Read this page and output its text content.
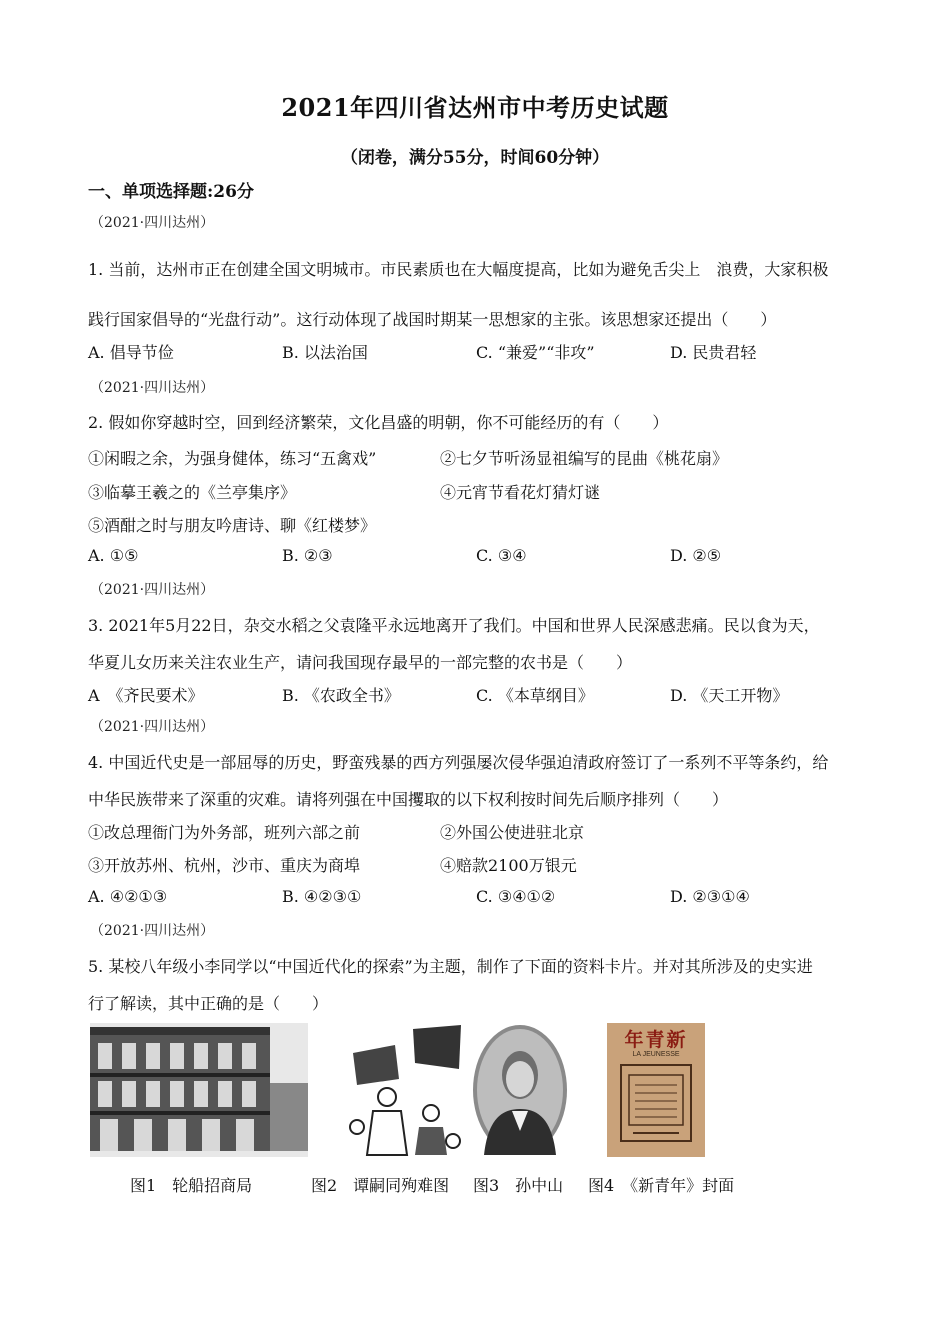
2021年四川省达州市中考历史试题
（闭卷，满分55分，时间60分钟）
一、单项选择题:26分
（2021·四川达州）
1. 当前，达州市正在创建全国文明城市。市民素质也在大幅度提高，比如为避免舌尖上　浪费，大家积极
践行国家倡导的“光盘行动”。这行动体现了战国时期某一思想家的主张。该思想家还提出（　　）
A. 倡导节俭	B. 以法治国	C. “兼爱”“非攻”	D. 民贵君轻
（2021·四川达州）
2. 假如你穿越时空，回到经济繁荣，文化昌盛的明朝，你不可能经历的有（　　）
①闲暇之余，为强身健体，练习“五禽戏”	②七夕节听汤显祖编写的昆曲《桃花扇》
③临摹王羲之的《兰亭集序》	④元宵节看花灯猜灯谜
⑤酒酣之时与朋友吟唐诗、聊《红楼梦》
A. ①⑤	B. ②③	C. ③④	D. ②⑤
（2021·四川达州）
3. 2021年5月22日，杂交水稻之父袁隆平永远地离开了我们。中国和世界人民深感悲痛。民以食为天，
华夏儿女历来关注农业生产，请问我国现存最早的一部完整的农书是（　　）
A　《齐民要术》	B. 《农政全书》	C. 《本草纲目》	D. 《天工开物》
（2021·四川达州）
4. 中国近代史是一部屈辱的历史，野蛮残暴的西方列强屡次侵华强迫清政府签订了一系列不平等条约，给
中华民族带来了深重的灾难。请将列强在中国攫取的以下权利按时间先后顺序排列（　　）
①改总理衙门为外务部，班列六部之前	②外国公使进驻北京
③开放苏州、杭州，沙市、重庆为商埠	④赔款2100万银元
A. ④②①③	B. ④②③①	C. ③④①②	D. ②③①④
（2021·四川达州）
5. 某校八年级小李同学以“中国近代化的探索”为主题，制作了下面的资料卡片。并对其所涉及的史实进
行了解读，其中正确的是（　　）
年青新
LA JEUNESSE
图1　轮船招商局	图2　谭嗣同殉难图 图3　孙中山 图4　《新青年》封面
